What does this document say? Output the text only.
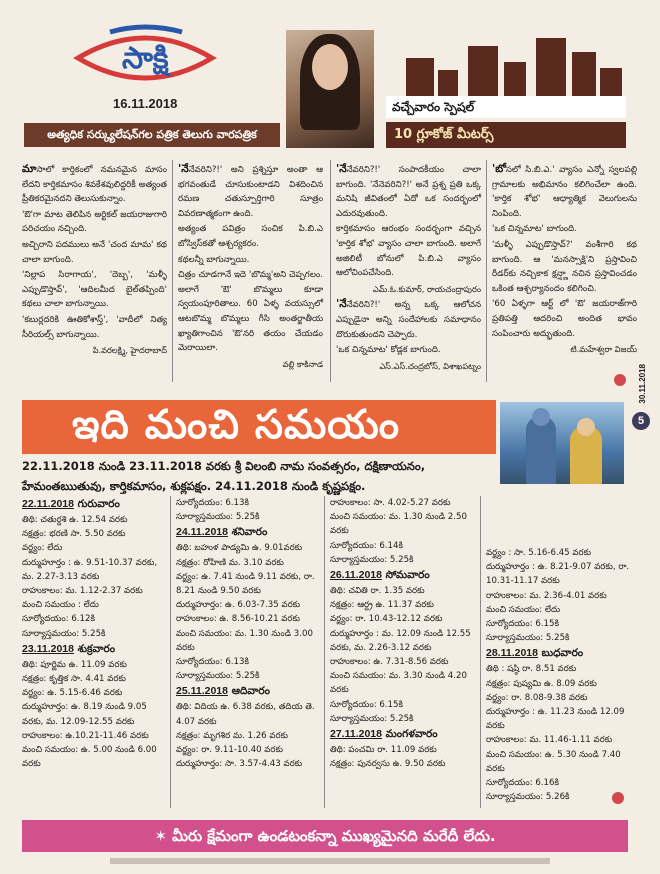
సాక్షి
16.11.2018
అత్యధిక సర్క్యులేషన్‌గల పత్రిక తెలుగు వారపత్రిక
వచ్చేవారం స్పెషల్
10 గ్లూకోజ్ మీటర్స్

మాసాలో కార్తికంలో నమనమైన మాసం లేదని కార్తికమాసం శివకేశవులిద్దరికీ అత్యంత ప్రీతికరమైనదని తెలుసుకున్నాం.

'ఔ'గా మాట తెలిపిన అర్టికల్ జయరాజుగారి పరిచయం నచ్చింది.

అచ్చిరాని పదములు అనే 'చంద మామ' కథ చాలా బాగుంది.

'నిల్లాప సిరాగాయ', 'దెబ్బ', 'మళ్ళీ ఎప్పుడొస్తావ్', 'ఆదిలమీద బైల్‌తప్పింది' కథలు చాలా బాగున్నాయి.

'కబుర్లదరికి ఊతికోశాస్త్', 'వాదీలో నిత్య సీరియల్స్ బాగున్నాయి.

పి.వరలక్ష్మి, హైదరాబాద్

'నేనేవరిని?!' అని ప్రశ్నిస్తూ అంతా ఆ భగవంతుడే చూసుకుంటాడని విశదించిన రమణ చతుస్పూర్తిగారి సూత్రం వివరణాత్మకంగా ఉంది.

అత్యంత పవిత్రం సంచిక పి.బి.ఎ బోస్విస్‌కతో ఆశ్చర్యకరం.

కథలన్నీ బాగున్నాయి.

చిత్రం చూడగానే ఇదె 'బొమ్మ'అని చెప్పగలం. అలాగే 'ఔ' బొమ్మలు కూడా స్వయంపూరితాలు. 60 ఏళ్ళ వయస్సులో ఆటబొమ్మ బొమ్మలు గీసి అంతర్జాతీయ ఖ్యాతిగాంచిన 'ఔ'నరి తయం చేయడం మెరాయిలా.

వల్లి కాకినాడ

'నేనేవరిని?!' సంపాదకీయం చాలా బాగుంది. 'నేనెవరిని?!' అనే ప్రశ్న ప్రతి ఒక్క మనిషి జీవితంలో ఏదో ఒక సందర్భంలో ఎదురవుతుంది.

కార్తికమాసం ఆరంభం సందర్భంగా వచ్చిన 'కార్తిక శోభ' వ్యాసం చాలా బాగుంది. అలాగే అజిలిటీ బోనులో పి.బి.ఎ వ్యాసం ఆలోచింపచేసింది.

ఎమ్.ఓ.కుమార్, రాయచంద్రాపురం

'నేనేవరిని?!' అన్న ఒక్క ఆలోచన ఎప్పుడైనా అన్ని సందేహాలకు సమాధానం దొరుకుతుందని చెప్పారు.

'ఒక చిన్నమాట' కోడ్లక బాగుంది.

ఎస్.ఎస్.చంద్రబోస్, విశాఖపట్నం

'బోసలో సి.బి.ఎ.' వ్యాసం ఎన్నో స్వలపల్లి గ్రామాలకు అభిమానం కలిగించేలా ఉంది. 'కార్తిక శోభ' ఆధ్యాత్మిక వెలుగులను నింపింది.

'ఒక చిన్నమాట' బాగుంది.

'మళ్ళీ ఎప్పుడొస్తావ్?' వంశీగారి కథ బాగుంది. ఆ 'మనస్సాక్షి'ని ప్రస్తావించి రీడర్‌కు నచ్చికాక క్షన్ష్ణా నచిన ప్రస్తావించడం ఒకింత ఆశ్చర్యానందం కలిగించి.

'60 ఏళ్ళగా ఆర్ట్ లో 'ఔ' జయరాజ్‌గారి ప్రతిపత్తి ఆదరించి అందిత భావం సంపించారు అద్భుతుంది.

టి.మహేశ్వరా విజయ్

5
30.11.2018
ఇది మంచి సమయం
22.11.2018 నుండి 23.11.2018 వరకు శ్రీ విలంబి నామ సంవత్సరం, దక్షిణాయనం, హేమంతఋతువు, కార్తికమాసం, శుక్లపక్షం. 24.11.2018 నుండి కృష్ణపక్షం.
22.11.2018 గురువారం
తిథి: చతుర్దశి ఉ. 12.54 వరకు
నక్షత్రం: భరణి సా. 5.50 వరకు
వర్జ్యం: లేదు
దుర్ముహూర్తం : ఉ. 9.51-10.37 వరకు, మ. 2.27-3.13 వరకు
రాహుకాలం: మ. 1.12-2.37 వరకు
మంచి సమయం : లేదు
సూర్యోదయం: 6.12కి
సూర్యాస్తమయం: 5.25కి
23.11.2018 శుక్రవారం
తిథి: పూర్ణిమ ఉ. 11.09 వరకు
నక్షత్రం: కృత్తిక సా. 4.41 వరకు
వర్జ్యం: ఉ. 5.15-6.46 వరకు
దుర్ముహూర్తం: ఉ. 8.19 నుండి 9.05 వరకు, మ. 12.09-12.55 వరకు
రాహుకాలం: ఉ.10.21-11.46 వరకు
మంచి సమయం: ఉ. 5.00 నుండి 6.00 వరకు
సూర్యోదయం: 6.13కి
సూర్యాస్తమయం: 5.25కి
24.11.2018 శనివారం
తిథి: బహుళ పాడ్యమి ఉ. 9.01వరకు
నక్షత్రం: రోహిణి మ. 3.10 వరకు
వర్జ్యం: ఉ. 7.41 నుండి 9.11 వరకు, రా. 8.21 నుండి 9.50 వరకు
దుర్ముహూర్తం: ఉ. 6.03-7.35 వరకు
రాహుకాలం: ఉ. 8.56-10.21 వరకు
మంచి సమయం: మ. 1.30 నుండి 3.00 వరకు
సూర్యోదయం: 6.13కి
సూర్యాస్తమయం: 5.25కి
25.11.2018 ఆదివారం
తిథి: విదియ ఉ. 6.38 వరకు, తదియ తె. 4.07 వరకు
నక్షత్రం: మృగశిర మ. 1.26 వరకు
వర్జ్యం: రా. 9.11-10.40 వరకు
దుర్ముహూర్తం: సా. 3.57-4.43 వరకు
రాహుకాలం: సా. 4.02-5.27 వరకు
మంచి సమయం: మ. 1.30 నుండి 2.50 వరకు
సూర్యోదయం: 6.14కి
సూర్యాస్తమయం: 5.25కి
26.11.2018 సోమవారం
తిథి: చవితి రా. 1.35 వరకు
నక్షత్రం: ఆర్ద్ర ఉ. 11.37 వరకు
వర్జ్యం: రా. 10.43-12.12 వరకు
దుర్ముహూర్తం : మ. 12.09 నుండి 12.55 వరకు, మ. 2.26-3.12 వరకు
రాహుకాలం: ఉ. 7.31-8.56 వరకు
మంచి సమయం: మ. 3.30 నుండి 4.20 వరకు
సూర్యోదయం: 6.15కి
సూర్యాస్తమయం: 5.25కి
27.11.2018 మంగళవారం
తిథి: పంచమి రా. 11.09 వరకు
నక్షత్రం: పునర్వసు ఉ. 9.50 వరకు
వర్జ్యం : సా. 5.16-6.45 వరకు
దుర్ముహూర్తం : ఉ. 8.21-9.07 వరకు, రా. 10.31-11.17 వరకు
రాహుకాలం: మ. 2.36-4.01 వరకు
మంచి సమయం: లేదు
సూర్యోదయం: 6.15కి
సూర్యాస్తమయం: 5.25కి
28.11.2018 బుధవారం
తిథి : షష్ఠి రా. 8.51 వరకు
నక్షత్రం: పుష్యమి ఉ. 8.09 వరకు
వర్జ్యం: రా. 8.08-9.38 వరకు
దుర్ముహూర్తం : ఉ. 11.23 నుండి 12.09 వరకు
రాహుకాలం: మ. 11.46-1.11 వరకు
మంచి సమయం: ఉ. 5.30 నుండి 7.40 వరకు
సూర్యోదయం: 6.16కి
సూర్యాస్తమయం: 5.26కి
✶ మీరు క్షేమంగా ఉండటంకన్నా ముఖ్యమైనది మరేదీ లేదు.
